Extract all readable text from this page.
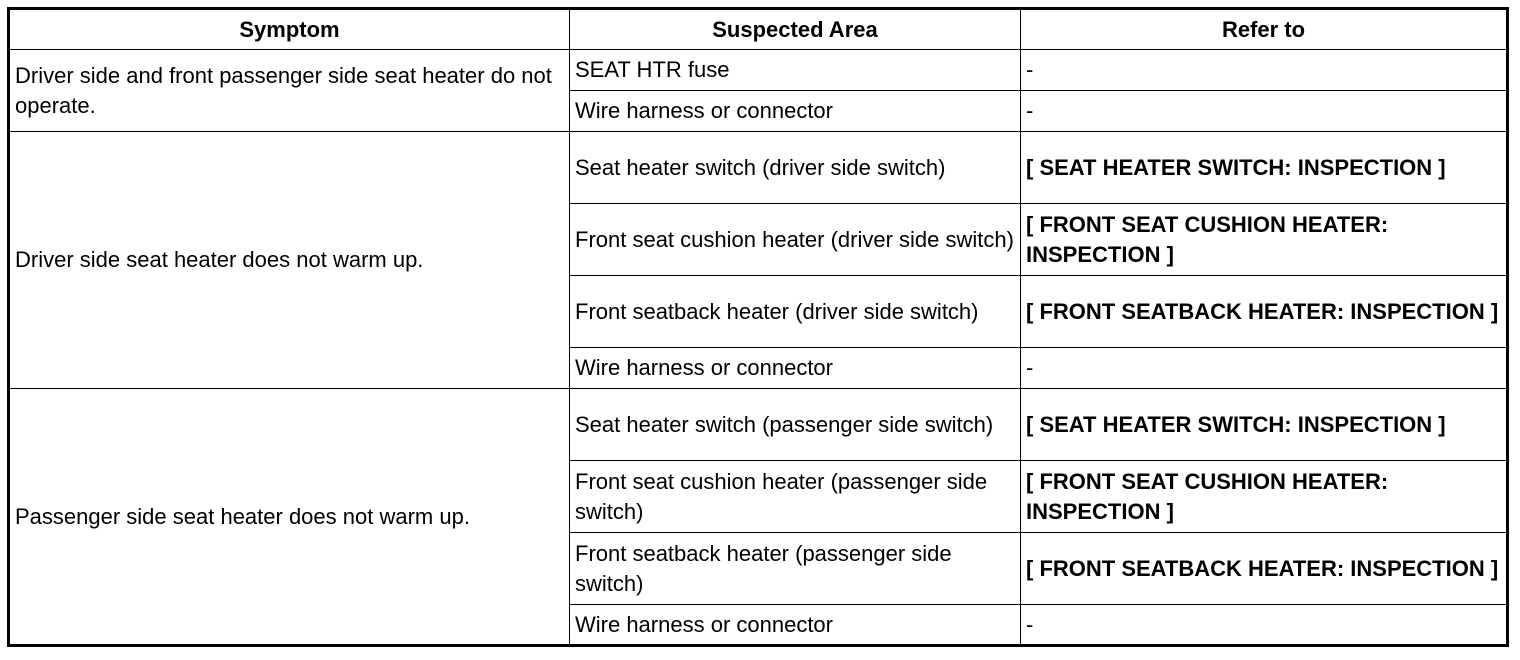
Symptom	Suspected Area	Refer to
Driver side and front passenger side seat heater do not operate.	SEAT HTR fuse	-
	Wire harness or connector	-
Driver side seat heater does not warm up.	Seat heater switch (driver side switch)	[ SEAT HEATER SWITCH: INSPECTION ]
	Front seat cushion heater (driver side switch)	[ FRONT SEAT CUSHION HEATER: INSPECTION ]
	Front seatback heater (driver side switch)	[ FRONT SEATBACK HEATER: INSPECTION ]
	Wire harness or connector	-
Passenger side seat heater does not warm up.	Seat heater switch (passenger side switch)	[ SEAT HEATER SWITCH: INSPECTION ]
	Front seat cushion heater (passenger side switch)	[ FRONT SEAT CUSHION HEATER: INSPECTION ]
	Front seatback heater (passenger side switch)	[ FRONT SEATBACK HEATER: INSPECTION ]
	Wire harness or connector	-
